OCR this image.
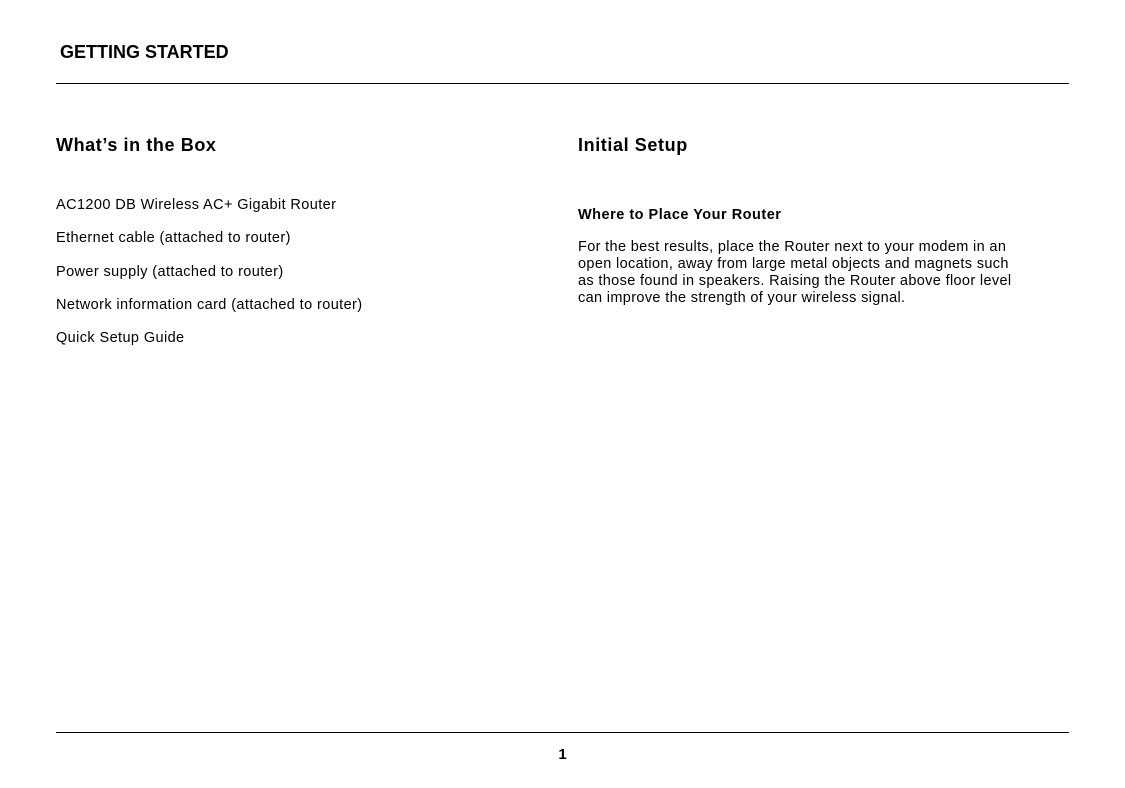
GETTING STARTED
What’s in the Box
AC1200 DB Wireless AC+ Gigabit Router
Ethernet cable (attached to router)
Power supply (attached to router)
Network information card (attached to router)
Quick Setup Guide
Initial Setup
Where to Place Your Router

For the best results, place the Router next to your modem in an open location, away from large metal objects and magnets such as those found in speakers. Raising the Router above floor level can improve the strength of your wireless signal.

1
